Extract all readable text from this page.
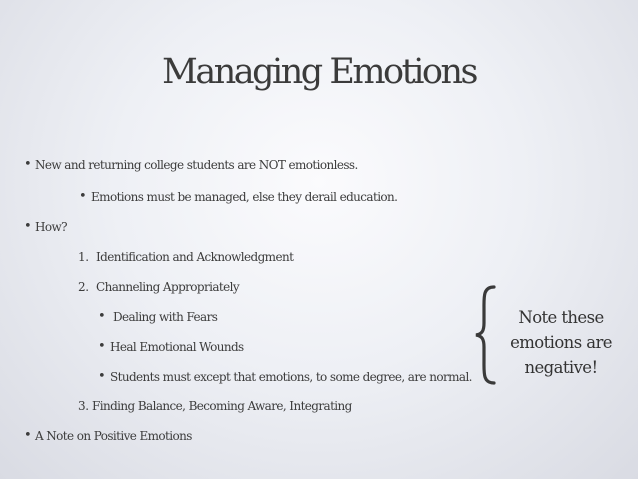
Managing Emotions
• New and returning college students are NOT emotionless.
• Emotions must be managed, else they derail education.
• How?
1. Identification and Acknowledgment
2. Channeling Appropriately
• Dealing with Fears
• Heal Emotional Wounds
• Students must except that emotions, to some degree, are normal.
3. Finding Balance, Becoming Aware, Integrating
• A Note on Positive Emotions
Note these
emotions are
negative!
